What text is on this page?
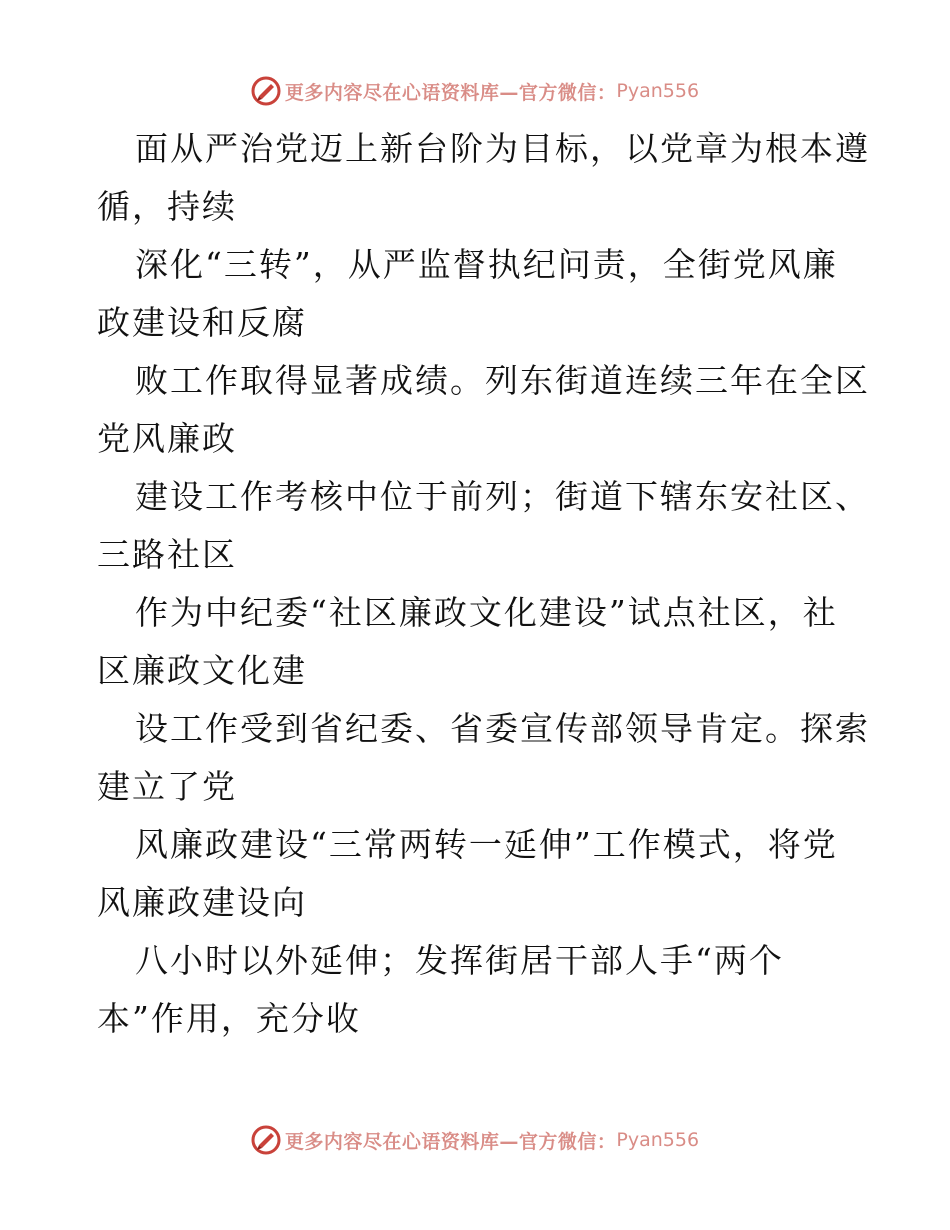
更多内容尽在心语资料库—官方微信： Pyan556
面从严治党迈上新台阶为目标，以党章为根本遵
循，持续
深化“三转”，从严监督执纪问责，全街党风廉
政建设和反腐
败工作取得显著成绩。列东街道连续三年在全区
党风廉政
建设工作考核中位于前列；街道下辖东安社区、
三路社区
作为中纪委“社区廉政文化建设”试点社区，社
区廉政文化建
设工作受到省纪委、省委宣传部领导肯定。探索
建立了党
风廉政建设“三常两转一延伸”工作模式，将党
风廉政建设向
八小时以外延伸；发挥街居干部人手“两个
本”作用，充分收
更多内容尽在心语资料库—官方微信： Pyan556
